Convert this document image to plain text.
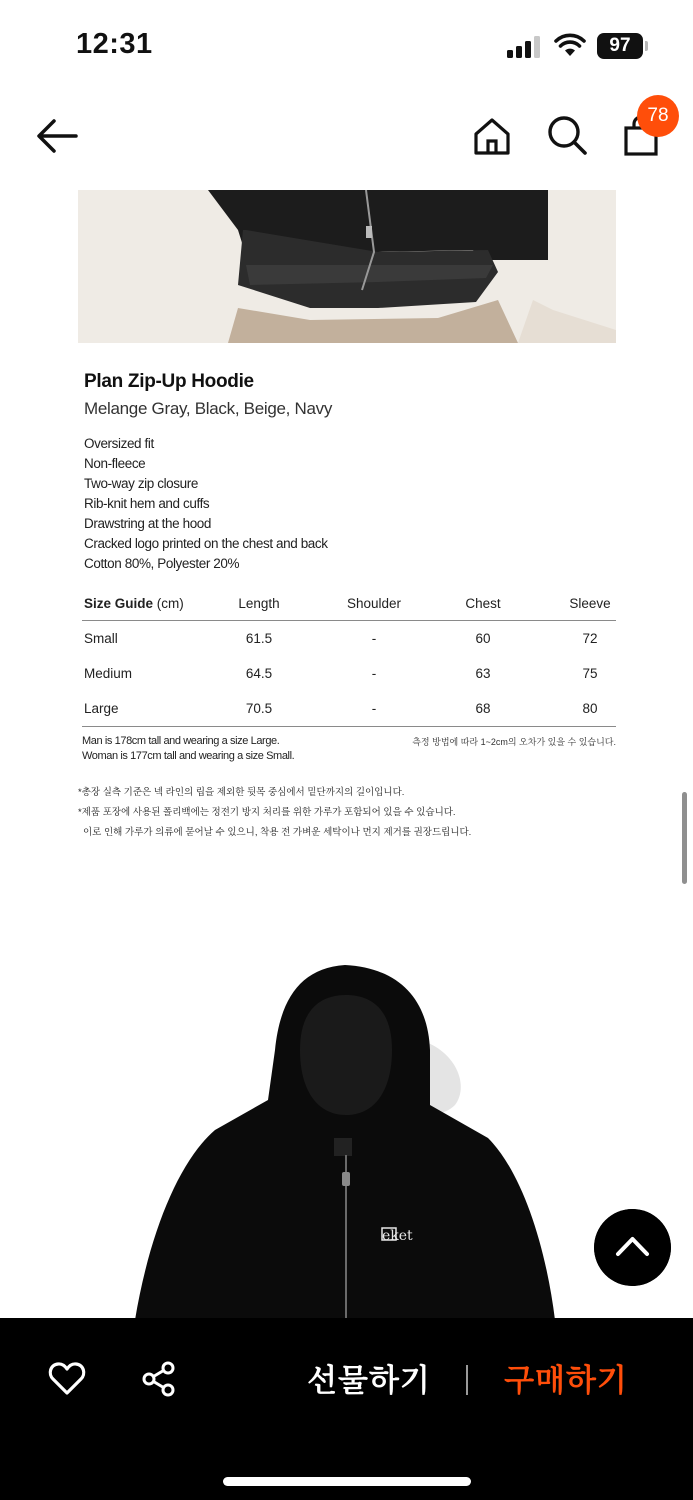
12:31	97
78
Plan Zip-Up Hoodie
Melange Gray, Black, Beige, Navy
Oversized fit
Non-fleece
Two-way zip closure
Rib-knit hem and cuffs
Drawstring at the hood
Cracked logo printed on the chest and back
Cotton 80%, Polyester 20%
Size Guide (cm)	Length	Shoulder	Chest	Sleeve
Small	61.5	-	60	72
Medium	64.5	-	63	75
Large	70.5	-	68	80
Man is 178cm tall and wearing a size Large.
Woman is 177cm tall and wearing a size Small.
측정 방법에 따라 1~2cm의 오차가 있을 수 있습니다.
*총장 실측 기준은 넥 라인의 립을 제외한 뒷목 중심에서 밑단까지의 길이입니다.
*제품 포장에 사용된 폴리백에는 정전기 방지 처리를 위한 가루가 포함되어 있을 수 있습니다.
이로 인해 가루가 의류에 묻어날 수 있으니, 착용 전 가벼운 세탁이나 먼지 제거를 권장드립니다.
eket
선물하기	구매하기
